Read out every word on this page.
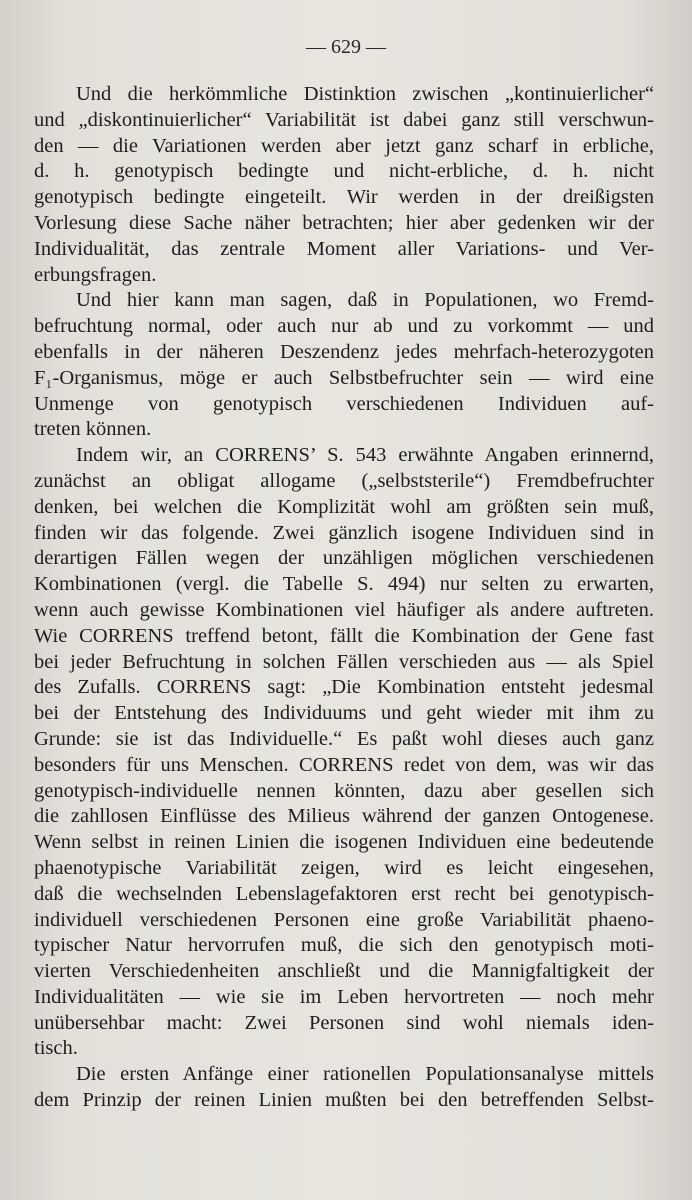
— 629 —
Und die herkömmliche Distinktion zwischen „kontinuierlicher“
und „diskontinuierlicher“ Variabilität ist dabei ganz still verschwun-
den — die Variationen werden aber jetzt ganz scharf in erbliche,
d. h. genotypisch bedingte und nicht-erbliche, d. h. nicht
genotypisch bedingte eingeteilt. Wir werden in der dreißigsten
Vorlesung diese Sache näher betrachten; hier aber gedenken wir der
Individualität, das zentrale Moment aller Variations- und Ver-
erbungsfragen.
Und hier kann man sagen, daß in Populationen, wo Fremd-
befruchtung normal, oder auch nur ab und zu vorkommt — und
ebenfalls in der näheren Deszendenz jedes mehrfach-heterozygoten
F₁-Organismus, möge er auch Selbstbefruchter sein — wird eine
Unmenge von genotypisch verschiedenen Individuen auf-
treten können.
Indem wir, an CORRENS’ S. 543 erwähnte Angaben erinnernd,
zunächst an obligat allogame („selbststerile“) Fremdbefruchter
denken, bei welchen die Komplizität wohl am größten sein muß,
finden wir das folgende. Zwei gänzlich isogene Individuen sind in
derartigen Fällen wegen der unzähligen möglichen verschiedenen
Kombinationen (vergl. die Tabelle S. 494) nur selten zu erwarten,
wenn auch gewisse Kombinationen viel häufiger als andere auftreten.
Wie CORRENS treffend betont, fällt die Kombination der Gene fast
bei jeder Befruchtung in solchen Fällen verschieden aus — als Spiel
des Zufalls. CORRENS sagt: „Die Kombination entsteht jedesmal
bei der Entstehung des Individuums und geht wieder mit ihm zu
Grunde: sie ist das Individuelle.“ Es paßt wohl dieses auch ganz
besonders für uns Menschen. CORRENS redet von dem, was wir das
genotypisch-individuelle nennen könnten, dazu aber gesellen sich
die zahllosen Einflüsse des Milieus während der ganzen Ontogenese.
Wenn selbst in reinen Linien die isogenen Individuen eine bedeutende
phaenotypische Variabilität zeigen, wird es leicht eingesehen,
daß die wechselnden Lebenslagefaktoren erst recht bei genotypisch-
individuell verschiedenen Personen eine große Variabilität phaeno-
typischer Natur hervorrufen muß, die sich den genotypisch moti-
vierten Verschiedenheiten anschließt und die Mannigfaltigkeit der
Individualitäten — wie sie im Leben hervortreten — noch mehr
unübersehbar macht: Zwei Personen sind wohl niemals iden-
tisch.
Die ersten Anfänge einer rationellen Populationsanalyse mittels
dem Prinzip der reinen Linien mußten bei den betreffenden Selbst-
